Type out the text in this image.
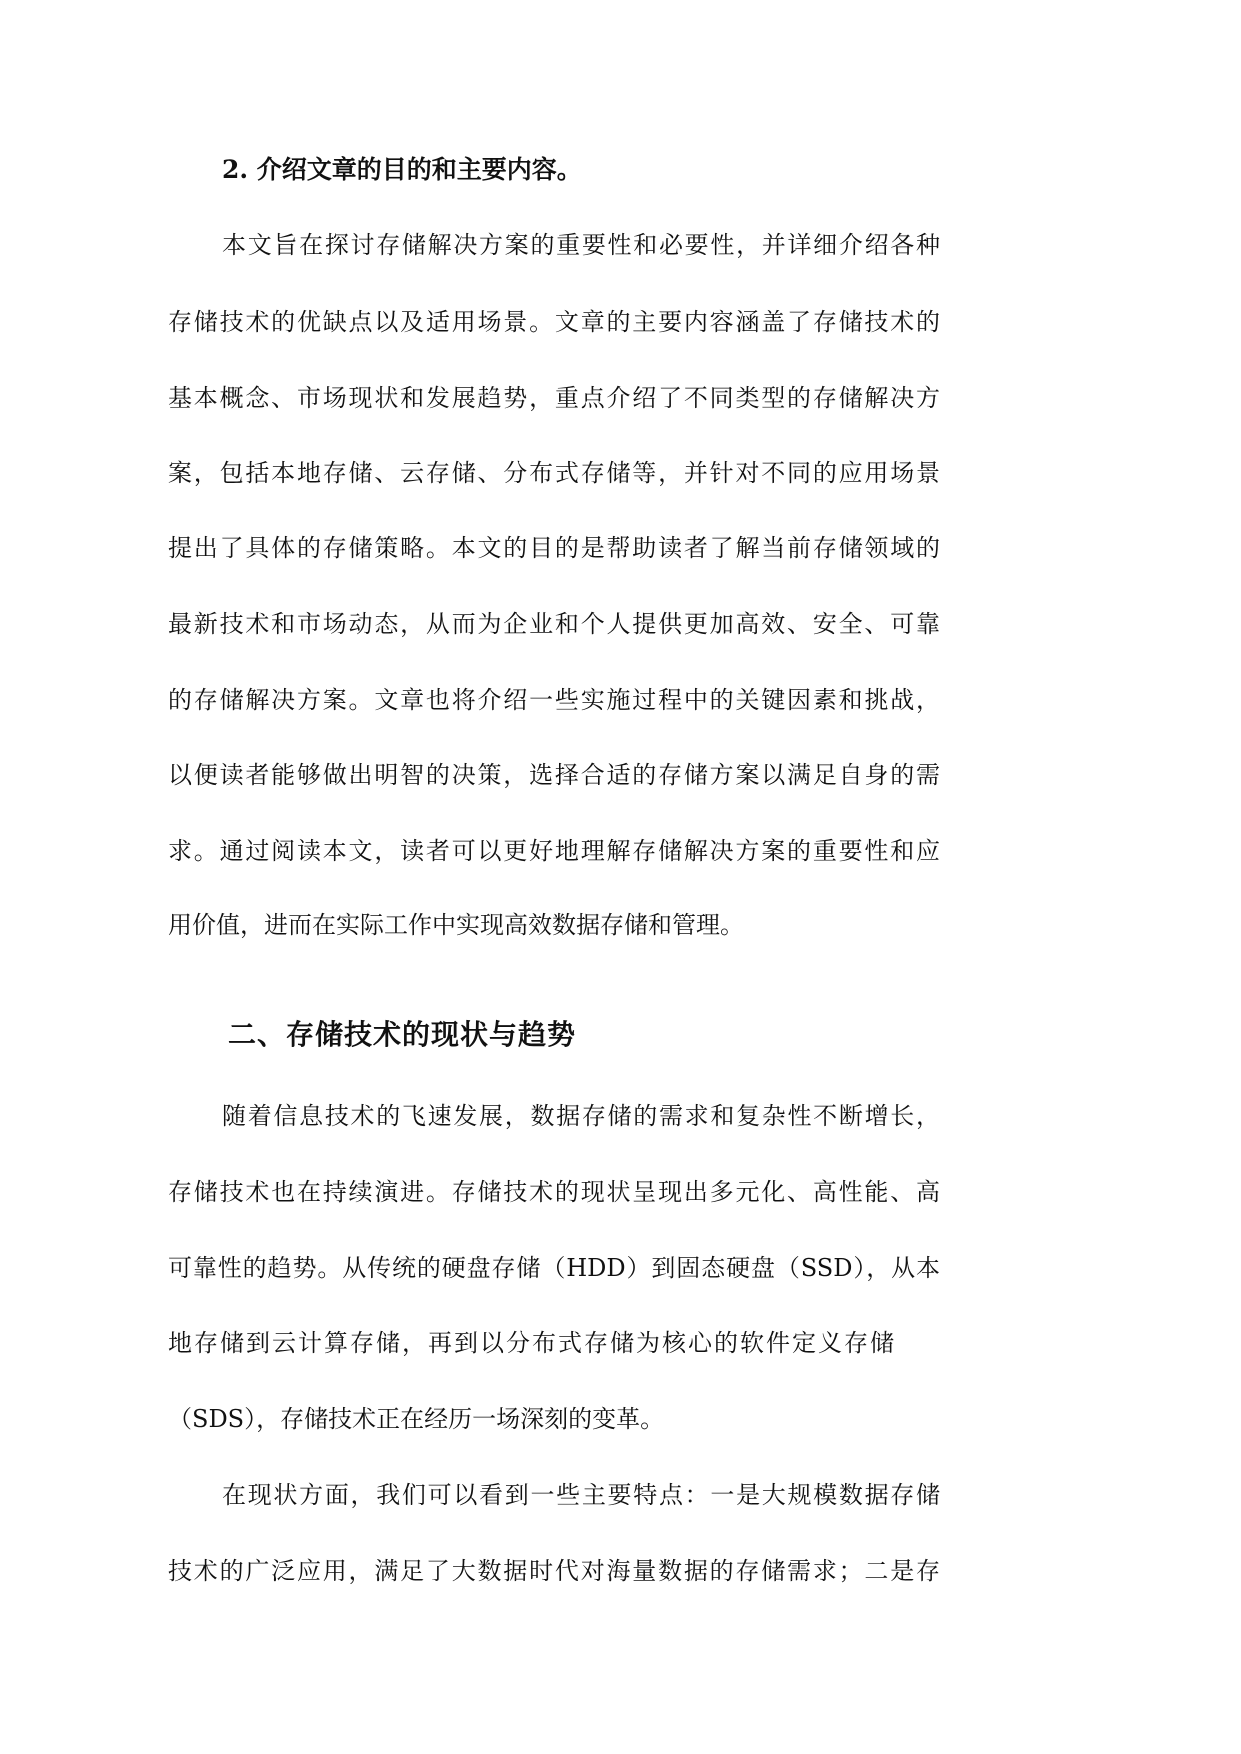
2. 介绍文章的目的和主要内容。
本文旨在探讨存储解决方案的重要性和必要性，并详细介绍各种
存储技术的优缺点以及适用场景。文章的主要内容涵盖了存储技术的
基本概念、市场现状和发展趋势，重点介绍了不同类型的存储解决方
案，包括本地存储、云存储、分布式存储等，并针对不同的应用场景
提出了具体的存储策略。本文的目的是帮助读者了解当前存储领域的
最新技术和市场动态，从而为企业和个人提供更加高效、安全、可靠
的存储解决方案。文章也将介绍一些实施过程中的关键因素和挑战，
以便读者能够做出明智的决策，选择合适的存储方案以满足自身的需
求。通过阅读本文，读者可以更好地理解存储解决方案的重要性和应
用价值，进而在实际工作中实现高效数据存储和管理。
二、存储技术的现状与趋势
随着信息技术的飞速发展，数据存储的需求和复杂性不断增长，
存储技术也在持续演进。存储技术的现状呈现出多元化、高性能、高
可靠性的趋势。从传统的硬盘存储（HDD）到固态硬盘（SSD），从本
地存储到云计算存储，再到以分布式存储为核心的软件定义存储
（SDS），存储技术正在经历一场深刻的变革。
在现状方面，我们可以看到一些主要特点：一是大规模数据存储
技术的广泛应用，满足了大数据时代对海量数据的存储需求；二是存
